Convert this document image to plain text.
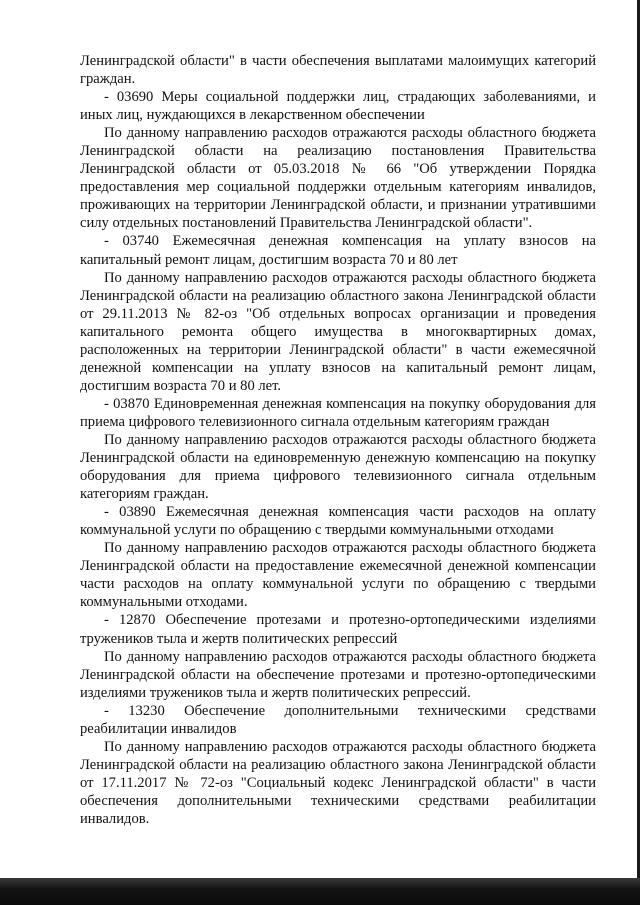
Ленинградской области" в части обеспечения выплатами малоимущих категорий граждан.

- 03690 Меры социальной поддержки лиц, страдающих заболеваниями, и иных лиц, нуждающихся в лекарственном обеспечении

По данному направлению расходов отражаются расходы областного бюджета Ленинградской области на реализацию постановления Правительства Ленинградской области от 05.03.2018 № 66 "Об утверждении Порядка предоставления мер социальной поддержки отдельным категориям инвалидов, проживающих на территории Ленинградской области, и признании утратившими силу отдельных постановлений Правительства Ленинградской области".

- 03740 Ежемесячная денежная компенсация на уплату взносов на капитальный ремонт лицам, достигшим возраста 70 и 80 лет

По данному направлению расходов отражаются расходы областного бюджета Ленинградской области на реализацию областного закона Ленинградской области от 29.11.2013 № 82-оз "Об отдельных вопросах организации и проведения капитального ремонта общего имущества в многоквартирных домах, расположенных на территории Ленинградской области" в части ежемесячной денежной компенсации на уплату взносов на капитальный ремонт лицам, достигшим возраста 70 и 80 лет.

- 03870 Единовременная денежная компенсация на покупку оборудования для приема цифрового телевизионного сигнала отдельным категориям граждан

По данному направлению расходов отражаются расходы областного бюджета Ленинградской области на единовременную денежную компенсацию на покупку оборудования для приема цифрового телевизионного сигнала отдельным категориям граждан.

- 03890 Ежемесячная денежная компенсация части расходов на оплату коммунальной услуги по обращению с твердыми коммунальными отходами

По данному направлению расходов отражаются расходы областного бюджета Ленинградской области на предоставление ежемесячной денежной компенсации части расходов на оплату коммунальной услуги по обращению с твердыми коммунальными отходами.

- 12870 Обеспечение протезами и протезно-ортопедическими изделиями тружеников тыла и жертв политических репрессий

По данному направлению расходов отражаются расходы областного бюджета Ленинградской области на обеспечение протезами и протезно-ортопедическими изделиями тружеников тыла и жертв политических репрессий.

- 13230 Обеспечение дополнительными техническими средствами реабилитации инвалидов

По данному направлению расходов отражаются расходы областного бюджета Ленинградской области на реализацию областного закона Ленинградской области от 17.11.2017 № 72-оз "Социальный кодекс Ленинградской области" в части обеспечения дополнительными техническими средствами реабилитации инвалидов.
